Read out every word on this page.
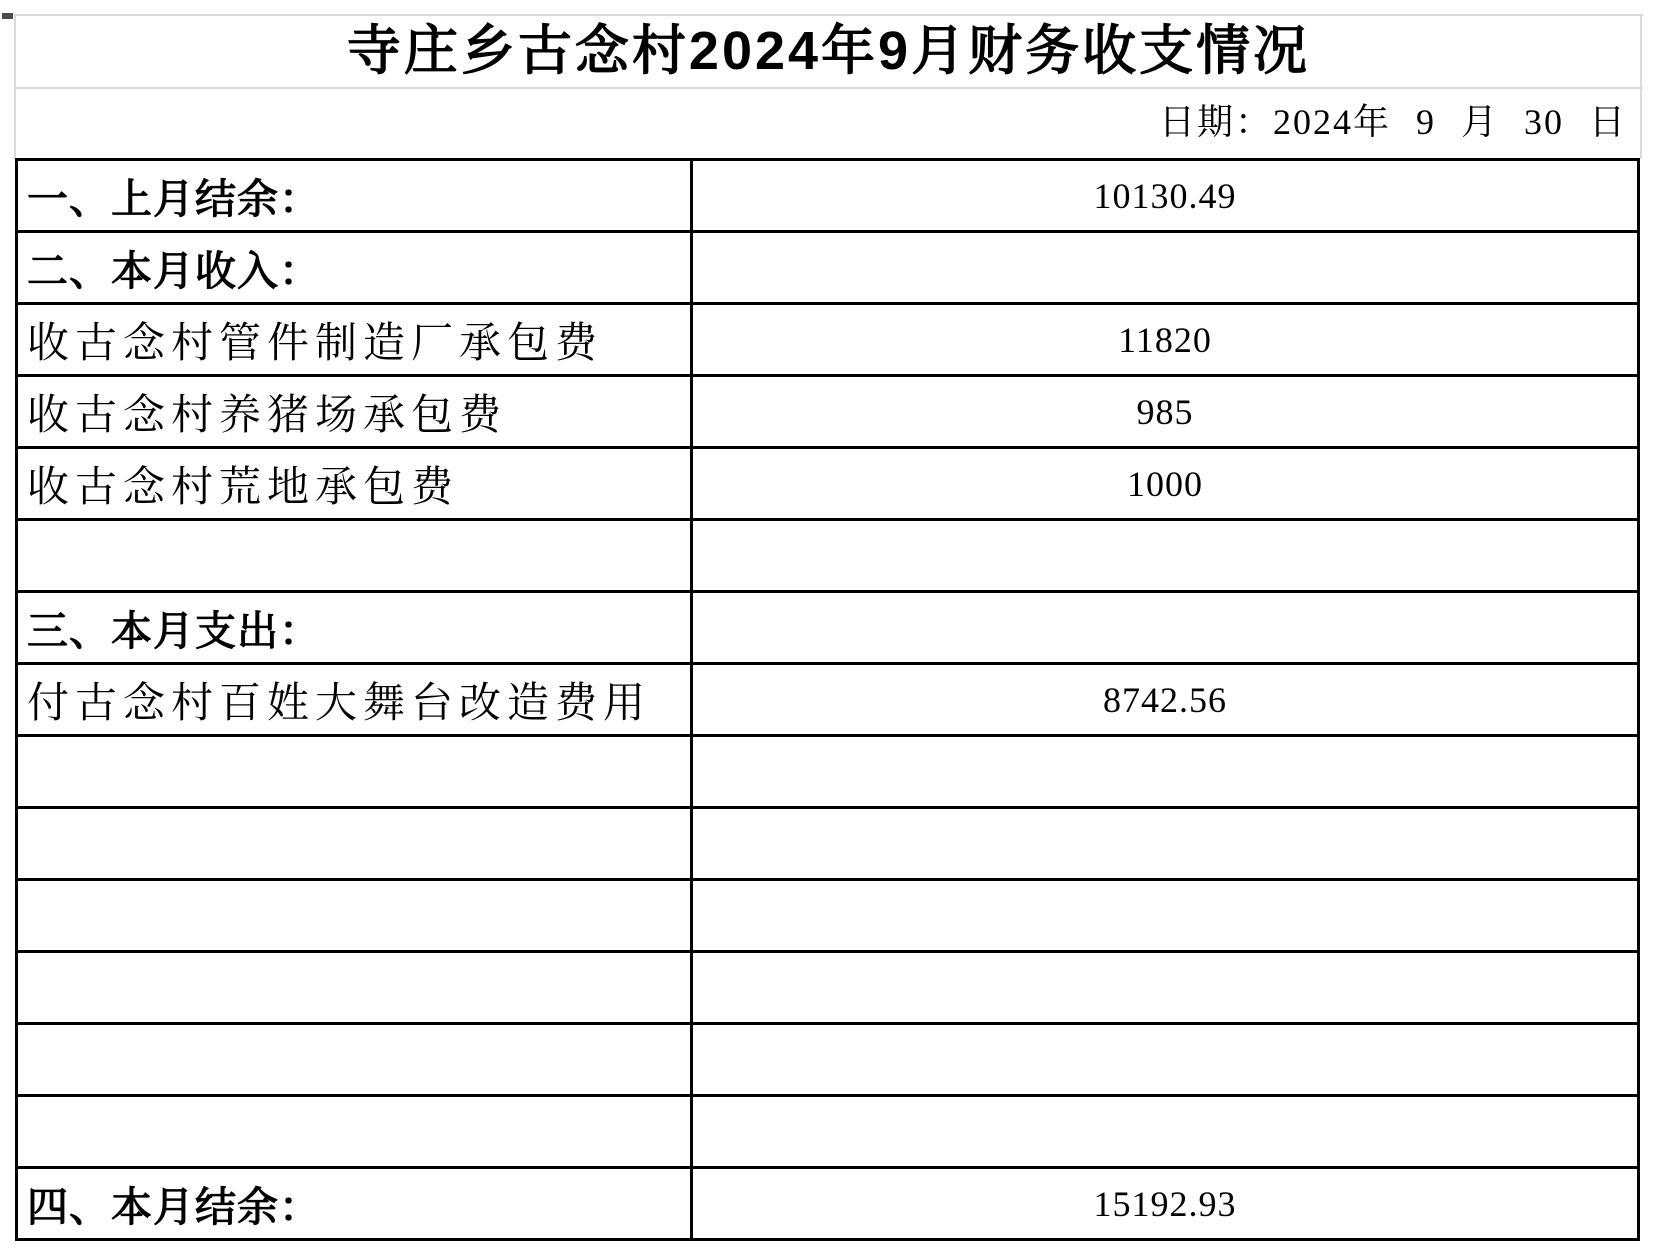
寺庄乡古念村2024年9月财务收支情况
日期：2024年 9 月 30 日
一、上月结余：	10130.49
二、本月收入：	
收古念村管件制造厂承包费	11820
收古念村养猪场承包费	985
收古念村荒地承包费	1000

三、本月支出：	
付古念村百姓大舞台改造费用	8742.56

四、本月结余：	15192.93
